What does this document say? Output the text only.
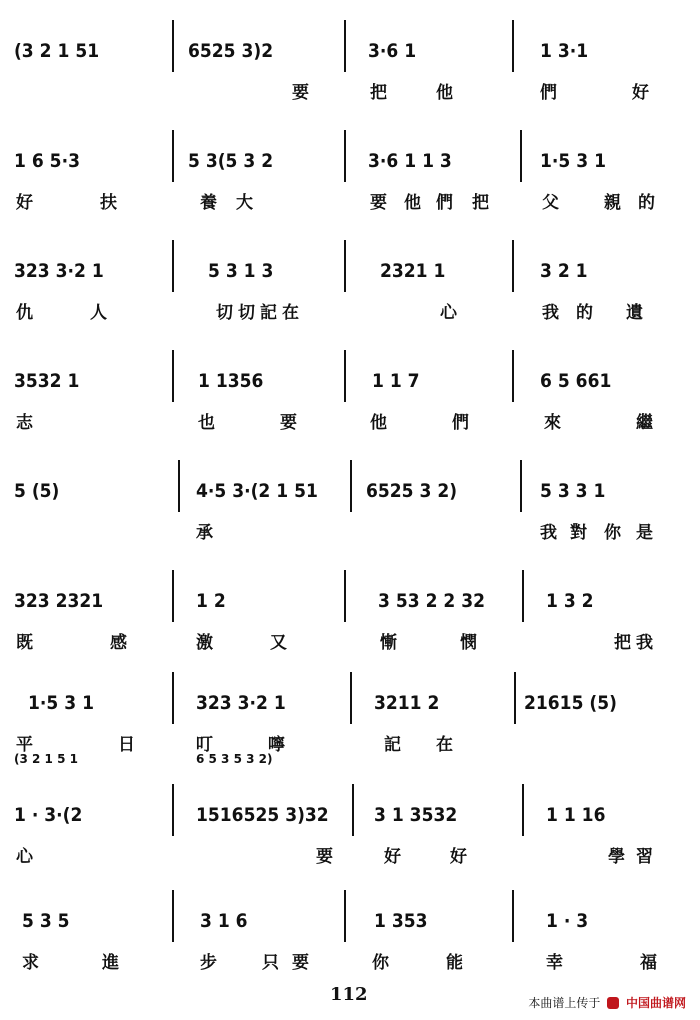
(3 2 1 51	6525 3)2	3·6 1	1 3·1
要	把	他	們	好
1 6 5·3	5 3(5 3 2	3·6 1 1 3	1·5 3 1
好	扶	養 大	要 他 們 把	父	親 的
323 3·2 1	5 3 1 3	2321 1	3 2 1
仇	人	切 切 記 在	心	我 的 遺
3532 1	1 1356	1 1 7	6 5 661
志	也	要	他	們	來	繼
5 (5)	4·5 3·(2 1 51	6525 3 2)	5 3 3 1
承	我 對 你 是
323 2321	1 2	3 53 2 2 32	1 3 2
既	感	激	又	慚	憫	把 我
1·5 3 1	323 3·2 1	3211 2	21615 (5)
平	日	叮	嚀	記 在
(3 2 1 5 1	6 5 3 5 3 2)
1 · 3·(2	1516525 3)32 3 1 3532	1 1 16
心	要	好	好	學 習
5 3 5	3 1 6	1 353	1 · 3
求	進	步	只 要	你	能	幸	福
112	本曲谱上传于 中国曲谱网
